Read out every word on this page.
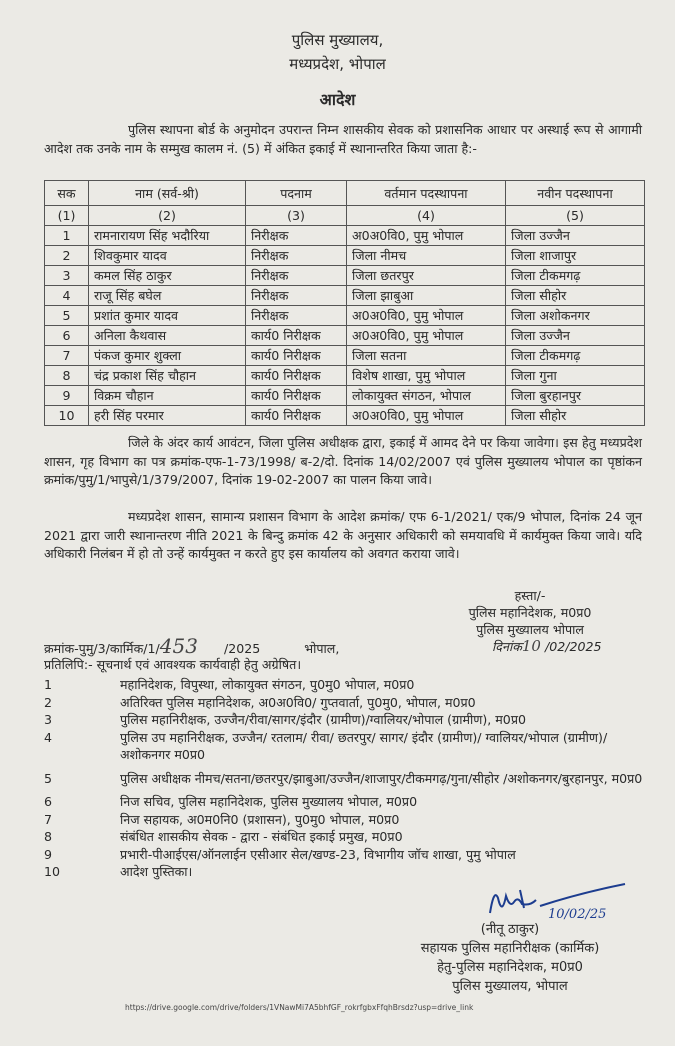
पुलिस मुख्यालय,
मध्यप्रदेश, भोपाल
आदेश
पुलिस स्थापना बोर्ड के अनुमोदन उपरान्त निम्न शासकीय सेवक को प्रशासनिक आधार पर अस्थाई रूप से आगामी आदेश तक उनके नाम के सम्मुख कालम नं. (5) में अंकित इकाई में स्थानान्तरित किया जाता है:-
सक	नाम (सर्व-श्री)	पदनाम	वर्तमान पदस्थापना	नवीन पदस्थापना
(1)	(2)	(3)	(4)	(5)
1	रामनारायण सिंह भदौरिया	निरीक्षक	अ0अ0वि0, पुमु भोपाल	जिला उज्जैन
2	शिवकुमार यादव	निरीक्षक	जिला नीमच	जिला शाजापुर
3	कमल सिंह ठाकुर	निरीक्षक	जिला छतरपुर	जिला टीकमगढ़
4	राजू सिंह बघेल	निरीक्षक	जिला झाबुआ	जिला सीहोर
5	प्रशांत कुमार यादव	निरीक्षक	अ0अ0वि0, पुमु भोपाल	जिला अशोकनगर
6	अनिला कैथवास	कार्य0 निरीक्षक	अ0अ0वि0, पुमु भोपाल	जिला उज्जैन
7	पंकज कुमार शुक्ला	कार्य0 निरीक्षक	जिला सतना	जिला टीकमगढ़
8	चंद्र प्रकाश सिंह चौहान	कार्य0 निरीक्षक	विशेष शाखा, पुमु भोपाल	जिला गुना
9	विक्रम चौहान	कार्य0 निरीक्षक	लोकायुक्त संगठन, भोपाल	जिला बुरहानपुर
10	हरी सिंह परमार	कार्य0 निरीक्षक	अ0अ0वि0, पुमु भोपाल	जिला सीहोर
जिले के अंदर कार्य आवंटन, जिला पुलिस अधीक्षक द्वारा, इकाई में आमद देने पर किया जावेगा। इस हेतु मध्यप्रदेश शासन, गृह विभाग का पत्र क्रमांक-एफ-1-73/1998/ ब-2/दो. दिनांक 14/02/2007 एवं पुलिस मुख्यालय भोपाल का पृष्ठांकन क्रमांक/पुमु/1/भापुसे/1/379/2007, दिनांक 19-02-2007 का पालन किया जावे।
मध्यप्रदेश शासन, सामान्य प्रशासन विभाग के आदेश क्रमांक/ एफ 6-1/2021/ एक/9 भोपाल, दिनांक 24 जून 2021 द्वारा जारी स्थानान्तरण नीति 2021 के बिन्दु क्रमांक 42 के अनुसार अधिकारी को समयावधि में कार्यमुक्त किया जावे। यदि अधिकारी निलंबन में हो तो उन्हें कार्यमुक्त न करते हुए इस कार्यालय को अवगत कराया जावे।
हस्ता/-
पुलिस महानिदेशक, म0प्र0
पुलिस मुख्यालय भोपाल
क्रमांक-पुमु/3/कार्मिक/1/453 /2025	भोपाल,	दिनांक10 /02/2025
प्रतिलिपि:- सूचनार्थ एवं आवश्यक कार्यवाही हेतु अग्रेषित।
1	महानिदेशक, विपुस्था, लोकायुक्त संगठन, पु0मु0 भोपाल, म0प्र0
2	अतिरिक्त पुलिस महानिदेशक, अ0अ0वि0/ गुप्तवार्ता, पु0मु0, भोपाल, म0प्र0
3	पुलिस महानिरीक्षक, उज्जैन/रीवा/सागर/इंदौर (ग्रामीण)/ग्वालियर/भोपाल (ग्रामीण), म0प्र0
4	पुलिस उप महानिरीक्षक, उज्जैन/ रतलाम/ रीवा/ छतरपुर/ सागर/ इंदौर (ग्रामीण)/ ग्वालियर/भोपाल (ग्रामीण)/ अशोकनगर म0प्र0
5	पुलिस अधीक्षक नीमच/सतना/छतरपुर/झाबुआ/उज्जैन/शाजापुर/टीकमगढ़/गुना/सीहोर /अशोकनगर/बुरहानपुर, म0प्र0
6	निज सचिव, पुलिस महानिदेशक, पुलिस मुख्यालय भोपाल, म0प्र0
7	निज सहायक, अ0म0नि0 (प्रशासन), पु0मु0 भोपाल, म0प्र0
8	संबंधित शासकीय सेवक - द्वारा - संबंधित इकाई प्रमुख, म0प्र0
9	प्रभारी-पीआईएस/ऑनलाईन एसीआर सेल/खण्ड-23, विभागीय जॉच शाखा, पुमु भोपाल
10	आदेश पुस्तिका।
10/02/25
(नीतू ठाकुर)
सहायक पुलिस महानिरीक्षक (कार्मिक)
हेतु-पुलिस महानिदेशक, म0प्र0
पुलिस मुख्यालय, भोपाल
https://drive.google.com/drive/folders/1VNawMi7A5bhfGF_rokrfgbxFfqhBrsdz?usp=drive_link
